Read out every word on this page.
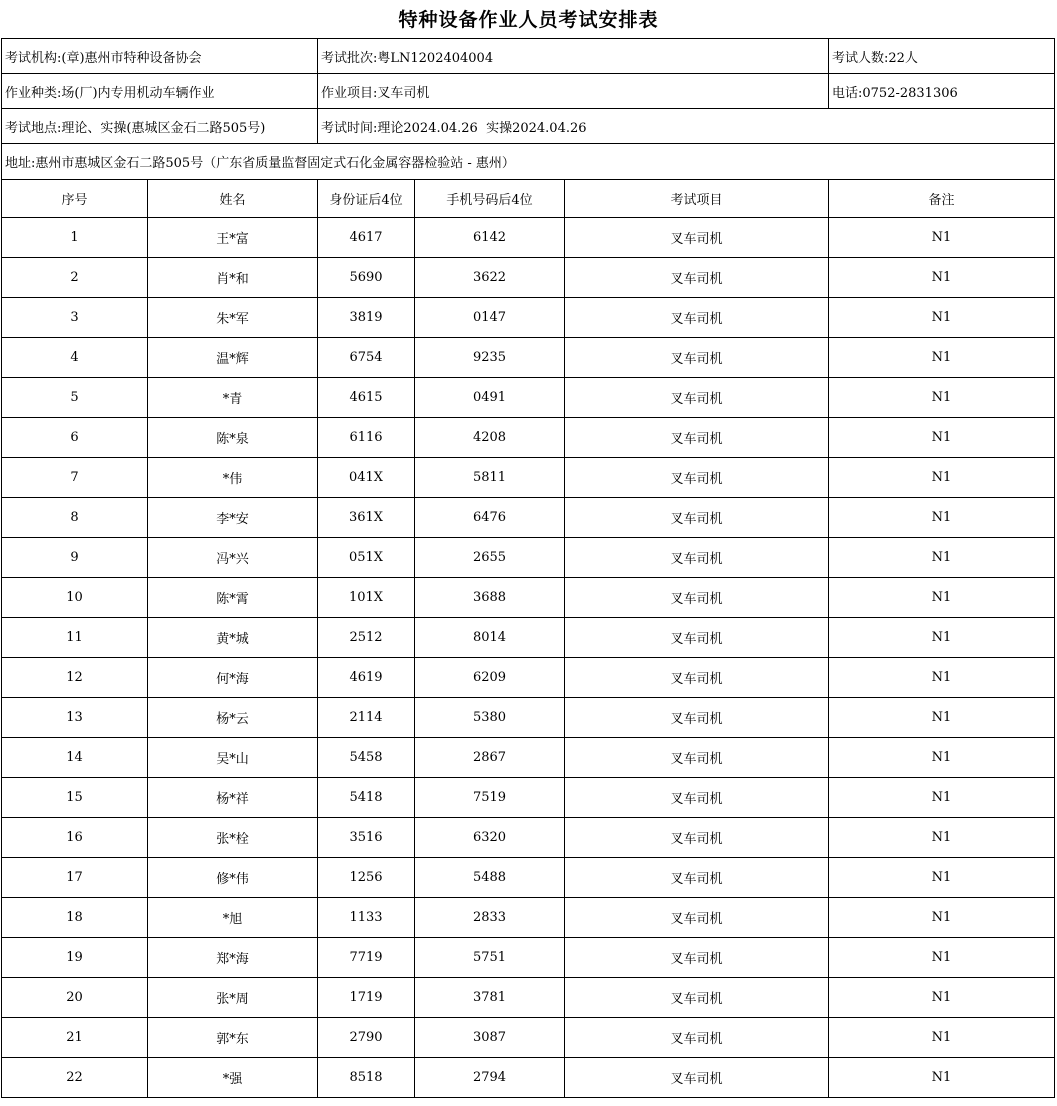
特种设备作业人员考试安排表
考试机构:(章)惠州市特种设备协会		考试批次:粤LN1202404004			考试人数:22人
作业种类:场(厂)内专用机动车辆作业		作业项目:叉车司机			电话:0752-2831306
考试地点:理论、实操(惠城区金石二路505号)		考试时间:理论2024.04.26  实操2024.04.26			
地址:惠州市惠城区金石二路505号（广东省质量监督固定式石化金属容器检验站 - 惠州）					
序号	姓名	身份证后4位	手机号码后4位	考试项目	备注
1	王*富	4617	6142	叉车司机	N1
2	肖*和	5690	3622	叉车司机	N1
3	朱*军	3819	0147	叉车司机	N1
4	温*辉	6754	9235	叉车司机	N1
5	*青	4615	0491	叉车司机	N1
6	陈*泉	6116	4208	叉车司机	N1
7	*伟	041X	5811	叉车司机	N1
8	李*安	361X	6476	叉车司机	N1
9	冯*兴	051X	2655	叉车司机	N1
10	陈*霄	101X	3688	叉车司机	N1
11	黄*城	2512	8014	叉车司机	N1
12	何*海	4619	6209	叉车司机	N1
13	杨*云	2114	5380	叉车司机	N1
14	吴*山	5458	2867	叉车司机	N1
15	杨*祥	5418	7519	叉车司机	N1
16	张*栓	3516	6320	叉车司机	N1
17	修*伟	1256	5488	叉车司机	N1
18	*旭	1133	2833	叉车司机	N1
19	郑*海	7719	5751	叉车司机	N1
20	张*周	1719	3781	叉车司机	N1
21	郭*东	2790	3087	叉车司机	N1
22	*强	8518	2794	叉车司机	N1
